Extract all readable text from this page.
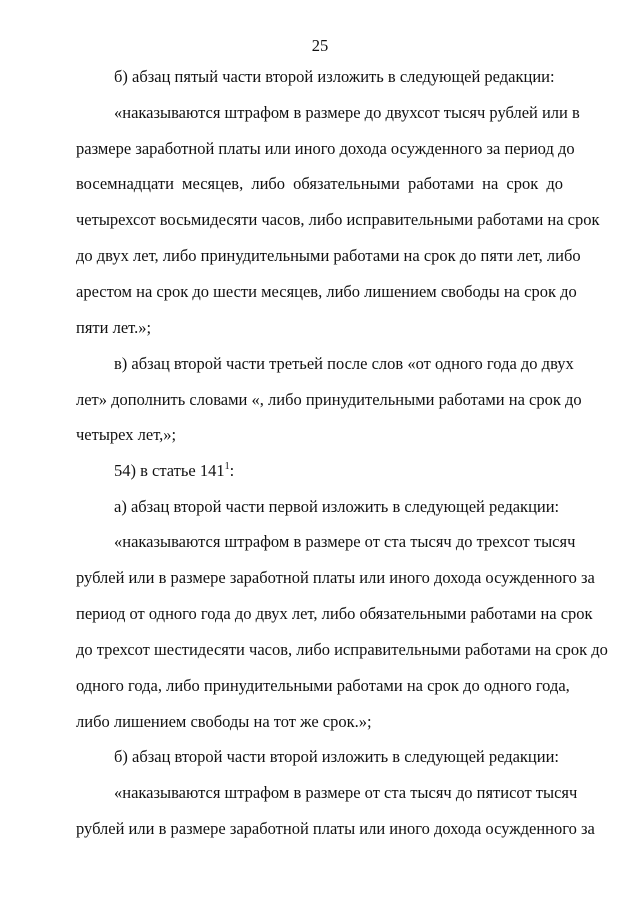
25
б) абзац пятый части второй изложить в следующей редакции:
«наказываются штрафом в размере до двухсот тысяч рублей или в
размере заработной платы или иного дохода осужденного за период до
восемнадцати месяцев, либо обязательными работами на срок до
четырехсот восьмидесяти часов, либо исправительными работами на срок
до двух лет, либо принудительными работами на срок до пяти лет, либо
арестом на срок до шести месяцев, либо лишением свободы на срок до
пяти лет.»;
в) абзац второй части третьей после слов «от одного года до двух
лет» дополнить словами «, либо принудительными работами на срок до
четырех лет,»;
54) в статье $141^1$:
а) абзац второй части первой изложить в следующей редакции:
«наказываются штрафом в размере от ста тысяч до трехсот тысяч
рублей или в размере заработной платы или иного дохода осужденного за
период от одного года до двух лет, либо обязательными работами на срок
до трехсот шестидесяти часов, либо исправительными работами на срок до
одного года, либо принудительными работами на срок до одного года,
либо лишением свободы на тот же срок.»;
б) абзац второй части второй изложить в следующей редакции:
«наказываются штрафом в размере от ста тысяч до пятисот тысяч
рублей или в размере заработной платы или иного дохода осужденного за
